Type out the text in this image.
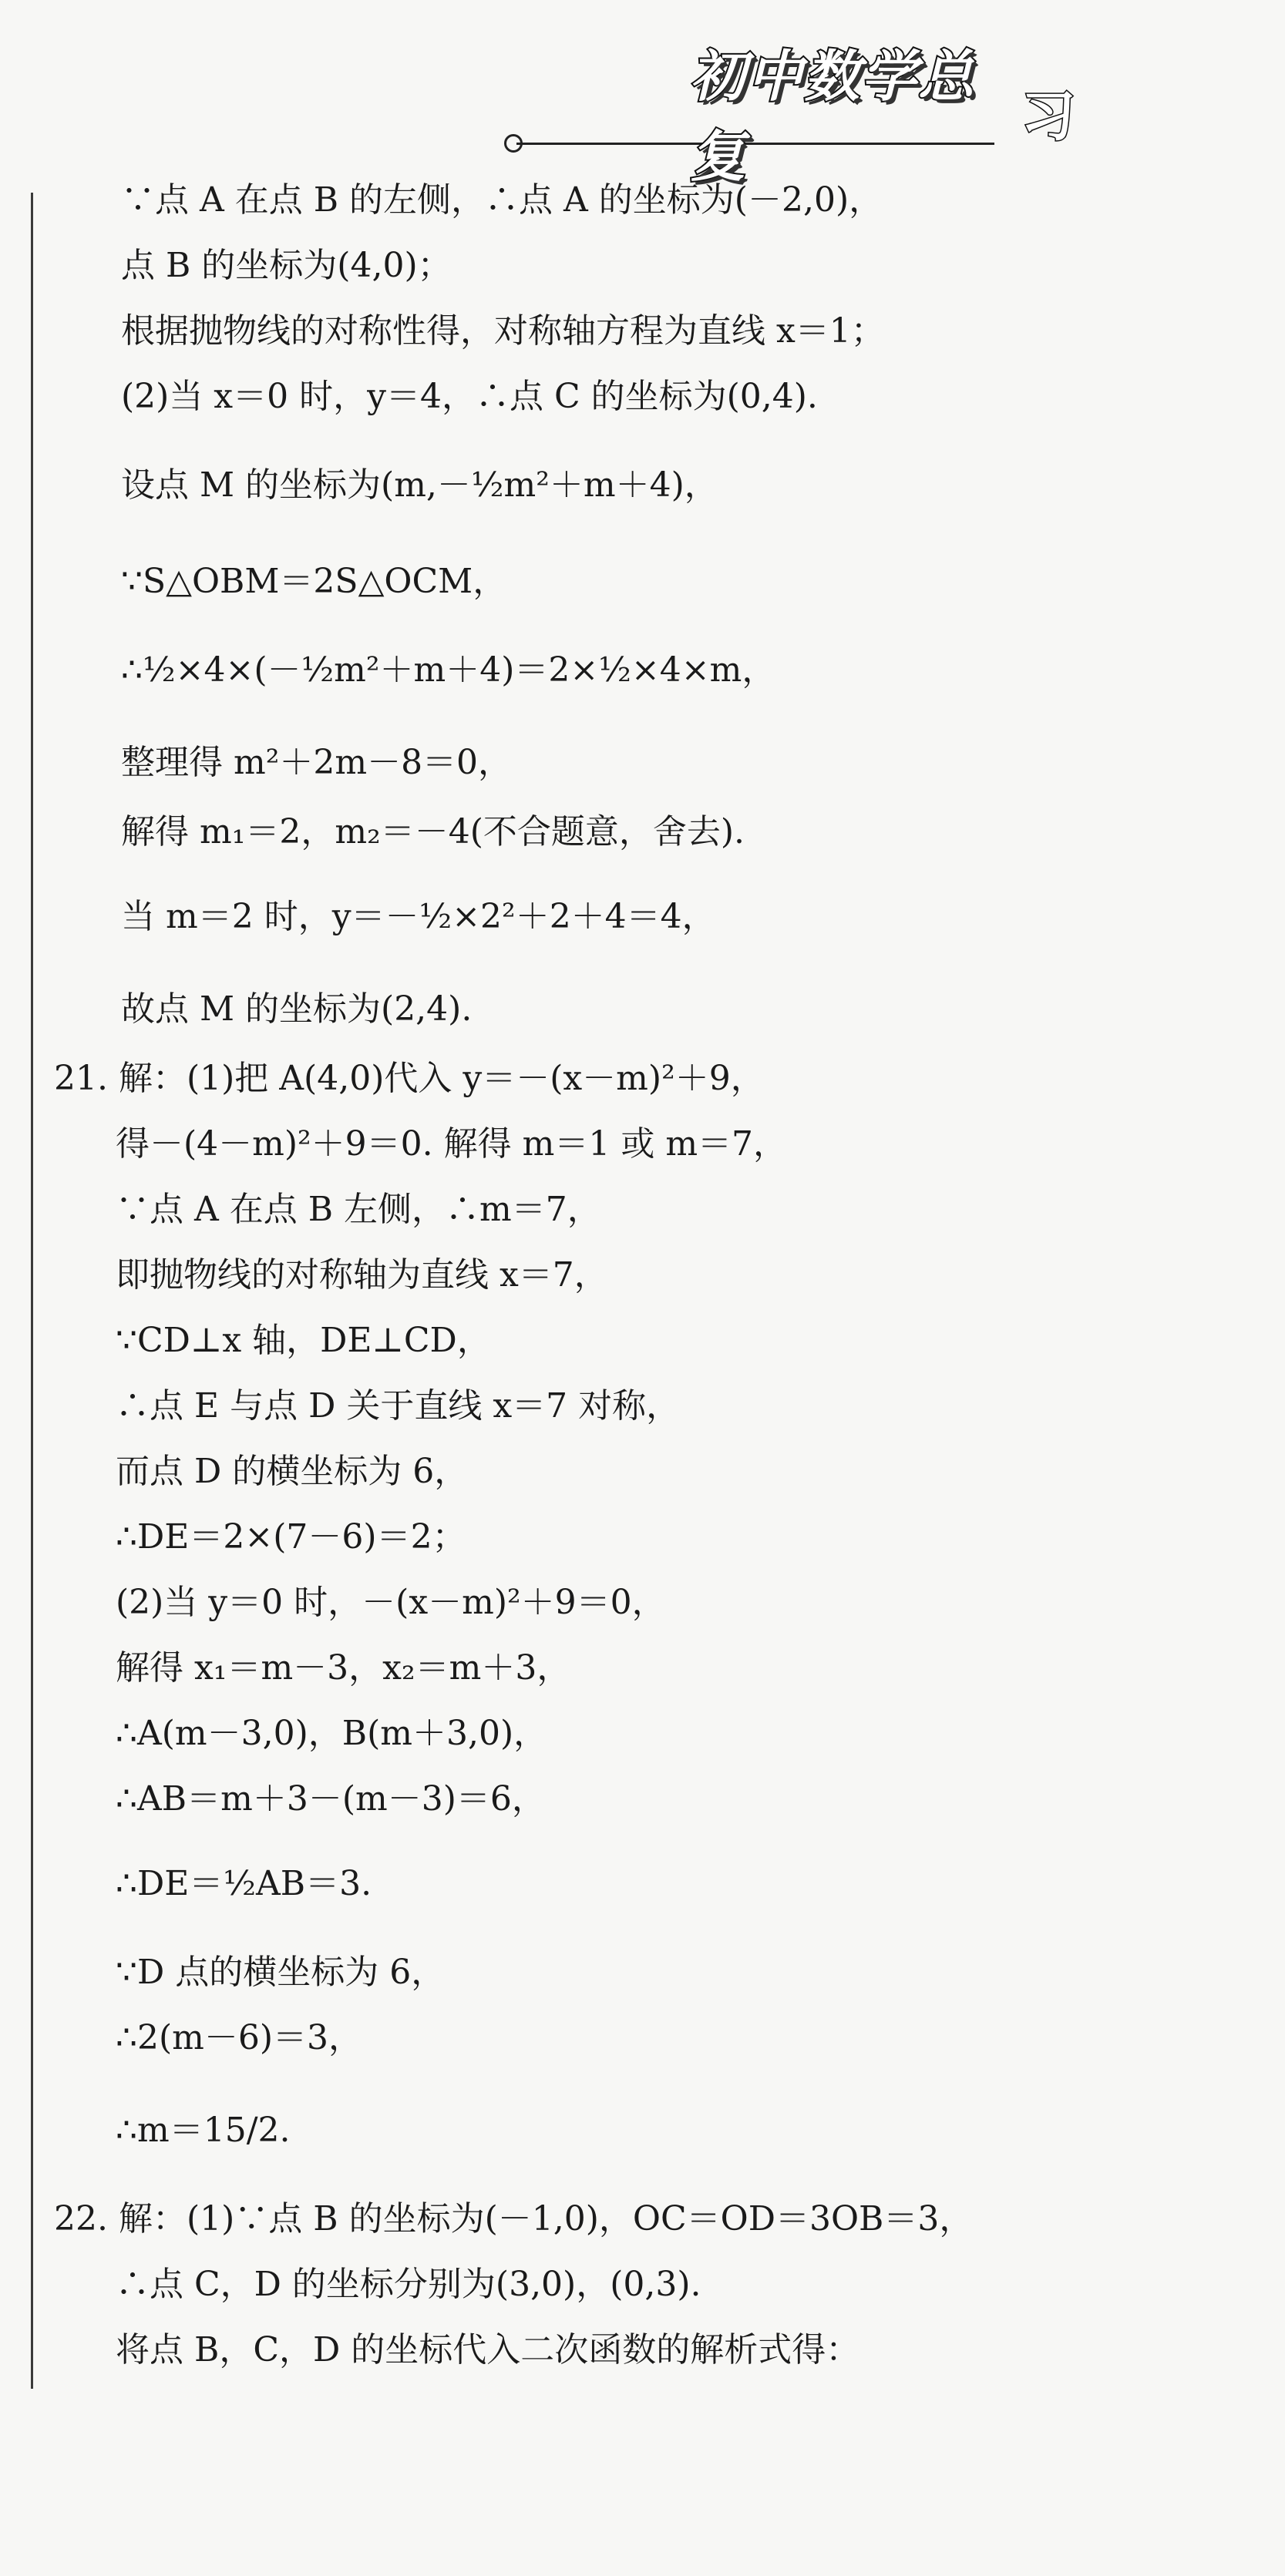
初中数学总复
习
∵点 A 在点 B 的左侧，∴点 A 的坐标为(－2,0)，
点 B 的坐标为(4,0)；
根据抛物线的对称性得，对称轴方程为直线 x＝1；
(2)当 x＝0 时，y＝4，∴点 C 的坐标为(0,4).
设点 M 的坐标为(m,－½m²＋m＋4)，
∵S△OBM＝2S△OCM，
∴½×4×(－½m²＋m＋4)＝2×½×4×m，
整理得 m²＋2m－8＝0，
解得 m₁＝2，m₂＝－4(不合题意，舍去).
当 m＝2 时，y＝－½×2²＋2＋4＝4，
故点 M 的坐标为(2,4).
21. 解：(1)把 A(4,0)代入 y＝－(x－m)²＋9，
得－(4－m)²＋9＝0. 解得 m＝1 或 m＝7，
∵点 A 在点 B 左侧，∴m＝7，
即抛物线的对称轴为直线 x＝7，
∵CD⊥x 轴，DE⊥CD，
∴点 E 与点 D 关于直线 x＝7 对称，
而点 D 的横坐标为 6，
∴DE＝2×(7－6)＝2；
(2)当 y＝0 时，－(x－m)²＋9＝0，
解得 x₁＝m－3，x₂＝m＋3，
∴A(m－3,0)，B(m＋3,0)，
∴AB＝m＋3－(m－3)＝6，
∴DE＝½AB＝3.
∵D 点的横坐标为 6，
∴2(m－6)＝3，
∴m＝15/2.
22. 解：(1)∵点 B 的坐标为(－1,0)，OC＝OD＝3OB＝3，
∴点 C，D 的坐标分别为(3,0)，(0,3).
将点 B，C，D 的坐标代入二次函数的解析式得：
